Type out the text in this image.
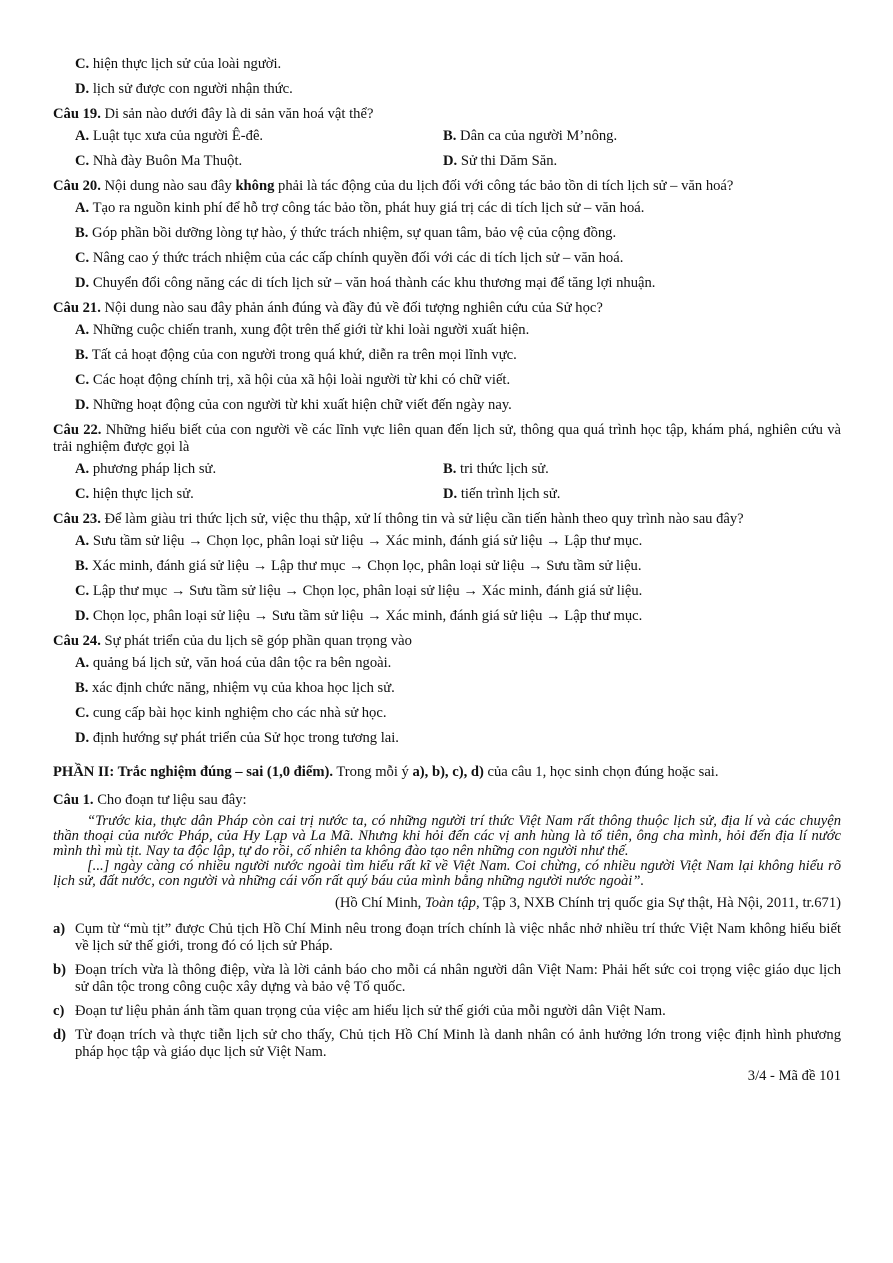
C. hiện thực lịch sử của loài người.
D. lịch sử được con người nhận thức.
Câu 19. Di sản nào dưới đây là di sản văn hoá vật thể?
A. Luật tục xưa của người Ê-đê.	B. Dân ca của người M’nông.
C. Nhà đày Buôn Ma Thuột.	D. Sử thi Dăm Săn.
Câu 20. Nội dung nào sau đây không phải là tác động của du lịch đối với công tác bảo tồn di tích lịch sử – văn hoá?
A. Tạo ra nguồn kinh phí để hỗ trợ công tác bảo tồn, phát huy giá trị các di tích lịch sử – văn hoá.
B. Góp phần bồi dưỡng lòng tự hào, ý thức trách nhiệm, sự quan tâm, bảo vệ của cộng đồng.
C. Nâng cao ý thức trách nhiệm của các cấp chính quyền đối với các di tích lịch sử – văn hoá.
D. Chuyển đổi công năng các di tích lịch sử – văn hoá thành các khu thương mại để tăng lợi nhuận.
Câu 21. Nội dung nào sau đây phản ánh đúng và đầy đủ về đối tượng nghiên cứu của Sử học?
A. Những cuộc chiến tranh, xung đột trên thế giới từ khi loài người xuất hiện.
B. Tất cả hoạt động của con người trong quá khứ, diễn ra trên mọi lĩnh vực.
C. Các hoạt động chính trị, xã hội của xã hội loài người từ khi có chữ viết.
D. Những hoạt động của con người từ khi xuất hiện chữ viết đến ngày nay.
Câu 22. Những hiểu biết của con người về các lĩnh vực liên quan đến lịch sử, thông qua quá trình học tập, khám phá, nghiên cứu và trải nghiệm được gọi là
A. phương pháp lịch sử.	B. tri thức lịch sử.
C. hiện thực lịch sử.	D. tiến trình lịch sử.
Câu 23. Để làm giàu tri thức lịch sử, việc thu thập, xử lí thông tin và sử liệu cần tiến hành theo quy trình nào sau đây?
A. Sưu tầm sử liệu → Chọn lọc, phân loại sử liệu → Xác minh, đánh giá sử liệu → Lập thư mục.
B. Xác minh, đánh giá sử liệu → Lập thư mục → Chọn lọc, phân loại sử liệu → Sưu tầm sử liệu.
C. Lập thư mục → Sưu tầm sử liệu → Chọn lọc, phân loại sử liệu → Xác minh, đánh giá sử liệu.
D. Chọn lọc, phân loại sử liệu → Sưu tầm sử liệu → Xác minh, đánh giá sử liệu → Lập thư mục.
Câu 24. Sự phát triển của du lịch sẽ góp phần quan trọng vào
A. quảng bá lịch sử, văn hoá của dân tộc ra bên ngoài.
B. xác định chức năng, nhiệm vụ của khoa học lịch sử.
C. cung cấp bài học kinh nghiệm cho các nhà sử học.
D. định hướng sự phát triển của Sử học trong tương lai.
PHẦN II: Trắc nghiệm đúng – sai (1,0 điểm). Trong mỗi ý a), b), c), d) của câu 1, học sinh chọn đúng hoặc sai.
Câu 1. Cho đoạn tư liệu sau đây:

“Trước kia, thực dân Pháp còn cai trị nước ta, có những người trí thức Việt Nam rất thông thuộc lịch sử, địa lí và các chuyện thần thoại của nước Pháp, của Hy Lạp và La Mã. Nhưng khi hỏi đến các vị anh hùng là tổ tiên, ông cha mình, hỏi đến địa lí nước mình thì mù tịt. Nay ta độc lập, tự do rồi, cố nhiên ta không đào tạo nên những con người như thế.

[...] ngày càng có nhiều người nước ngoài tìm hiểu rất kĩ về Việt Nam. Coi chừng, có nhiều người Việt Nam lại không hiểu rõ lịch sử, đất nước, con người và những cái vốn rất quý báu của mình bằng những người nước ngoài”.

(Hồ Chí Minh, Toàn tập, Tập 3, NXB Chính trị quốc gia Sự thật, Hà Nội, 2011, tr.671)
a) Cụm từ “mù tịt” được Chủ tịch Hồ Chí Minh nêu trong đoạn trích chính là việc nhắc nhở nhiều trí thức Việt Nam không hiểu biết về lịch sử thế giới, trong đó có lịch sử Pháp.
b) Đoạn trích vừa là thông điệp, vừa là lời cảnh báo cho mỗi cá nhân người dân Việt Nam: Phải hết sức coi trọng việc giáo dục lịch sử dân tộc trong công cuộc xây dựng và bảo vệ Tổ quốc.
c) Đoạn tư liệu phản ánh tầm quan trọng của việc am hiểu lịch sử thế giới của mỗi người dân Việt Nam.
d) Từ đoạn trích và thực tiễn lịch sử cho thấy, Chủ tịch Hồ Chí Minh là danh nhân có ảnh hưởng lớn trong việc định hình phương pháp học tập và giáo dục lịch sử Việt Nam.
3/4 - Mã đề 101
